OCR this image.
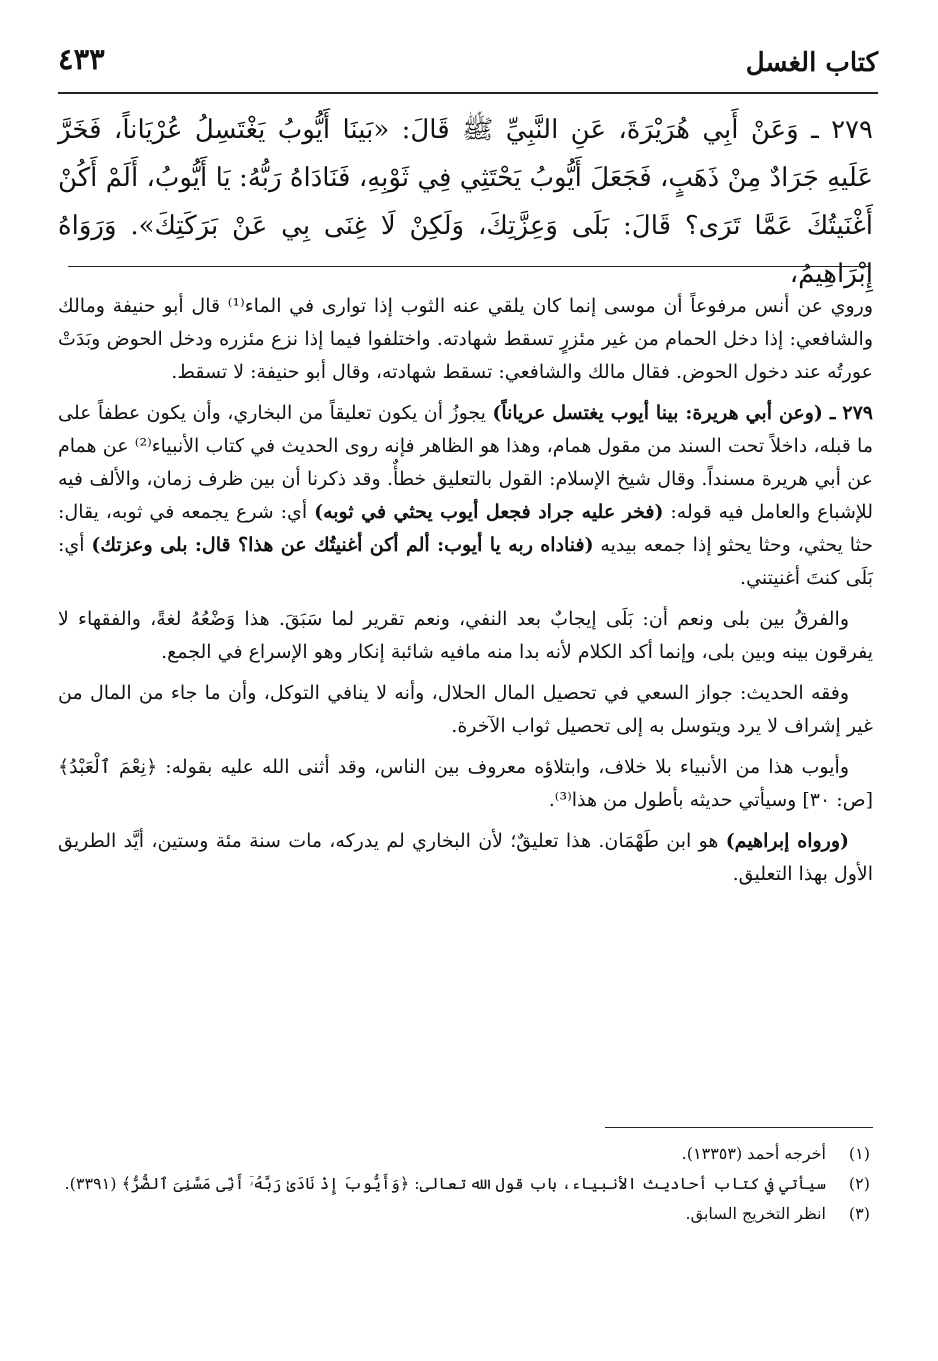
٤٣٣	كتاب الغسل

٢٧٩ ـ وَعَنْ أَبِي هُرَيْرَةَ، عَنِ النَّبِيِّ ﷺ قَالَ: «بَينَا أَيُّوبُ يَغْتَسِلُ عُرْيَاناً، فَخَرَّ عَلَيهِ جَرَادٌ مِنْ ذَهَبٍ، فَجَعَلَ أَيُّوبُ يَحْتَثِي فِي ثَوْبِهِ، فَنَادَاهُ رَبُّهُ: يَا أَيُّوبُ، أَلَمْ أَكُنْ أَغْنَيتُكَ عَمَّا تَرَى؟ قَالَ: بَلَى وَعِزَّتِكَ، وَلَكِنْ لَا غِنَى بِي عَنْ بَرَكَتِكَ». وَرَوَاهُ إِبْرَاهِيمُ،

وروي عن أنس مرفوعاً أن موسى إنما كان يلقي عنه الثوب إذا توارى في الماء⁽¹⁾ قال أبو حنيفة ومالك والشافعي: إذا دخل الحمام من غير مئزرٍ تسقط شهادته. واختلفوا فيما إذا نزع مئزره ودخل الحوض وبَدَتْ عورتُه عند دخول الحوض. فقال مالك والشافعي: تسقط شهادته، وقال أبو حنيفة: لا تسقط.

٢٧٩ ـ (وعن أبي هريرة: بينا أيوب يغتسل عرياناً) يجوزُ أن يكون تعليقاً من البخاري، وأن يكون عطفاً على ما قبله، داخلاً تحت السند من مقول همام، وهذا هو الظاهر فإنه روى الحديث في كتاب الأنبياء⁽²⁾ عن همام عن أبي هريرة مسنداً. وقال شيخ الإسلام: القول بالتعليق خطأٌ. وقد ذكرنا أن بين ظرف زمان، والألف فيه للإشباع والعامل فيه قوله: (فخر عليه جراد فجعل أيوب يحثي في ثوبه) أي: شرع يجمعه في ثوبه، يقال: حثا يحثي، وحثا يحثو إذا جمعه بيديه (فناداه ربه يا أيوب: ألم أكن أغنيتُك عن هذا؟ قال: بلى وعزتك) أي: بَلَى كنتَ أغنيتني.

والفرقُ بين بلى ونعم أن: بَلَى إيجابٌ بعد النفي، ونعم تقرير لما سَبَقَ. هذا وَضْعُهُ لغةً، والفقهاء لا يفرقون بينه وبين بلى، وإنما أكد الكلام لأنه بدا منه مافيه شائبة إنكار وهو الإسراع في الجمع.

وفقه الحديث: جواز السعي في تحصيل المال الحلال، وأنه لا ينافي التوكل، وأن ما جاء من المال من غير إشراف لا يرد ويتوسل به إلى تحصيل ثواب الآخرة.

وأيوب هذا من الأنبياء بلا خلاف، وابتلاؤه معروف بين الناس، وقد أثنى الله عليه بقوله: ﴿نِعْمَ ٱلْعَبْدُ﴾ [ص: ٣٠] وسيأتي حديثه بأطول من هذا⁽³⁾.

(ورواه إبراهيم) هو ابن طَهْمَان. هذا تعليقٌ؛ لأن البخاري لم يدركه، مات سنة مئة وستين، أيَّد الطريق الأول بهذا التعليق.

(١)
أخرجه أحمد (١٣٣٥٣).
(٢)
سيأتي في كتاب أحاديث الأنبياء، باب قول الله تعالى: ﴿وَأَيُّوبَ إِذْ نَادَىٰ رَبَّهُۥٓ أَنِّى مَسَّنِىَ ٱلضُّرُّ﴾ (٣٣٩١).
(٣)
انظر التخريج السابق.
